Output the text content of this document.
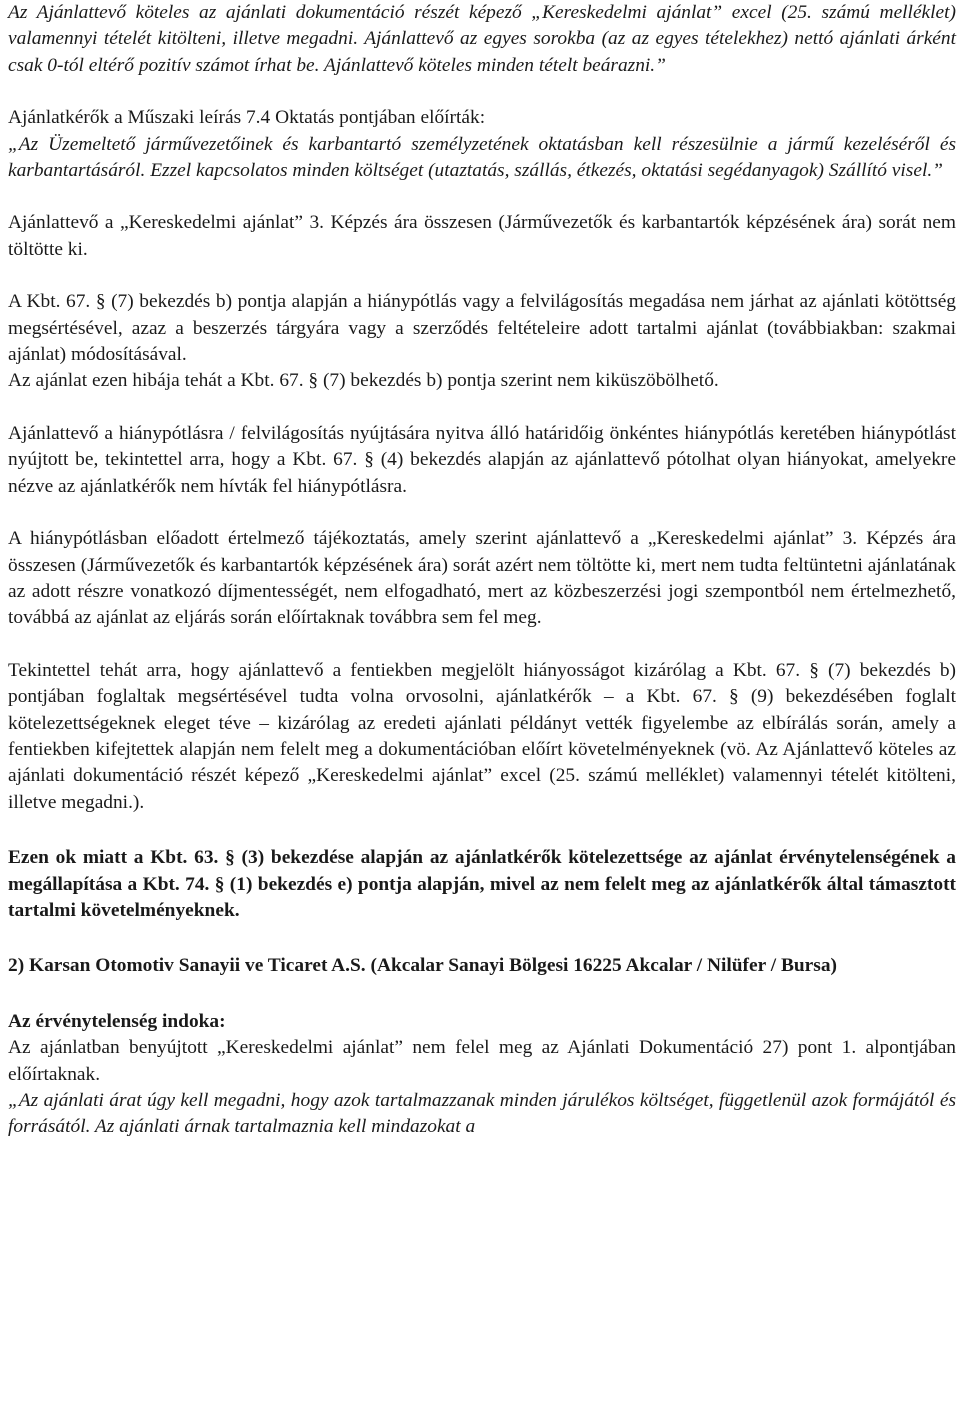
Az Ajánlattevő köteles az ajánlati dokumentáció részét képező „Kereskedelmi ajánlat” excel (25. számú melléklet) valamennyi tételét kitölteni, illetve megadni. Ajánlattevő az egyes sorokba (az az egyes tételekhez) nettó ajánlati árként csak 0-tól eltérő pozitív számot írhat be. Ajánlattevő köteles minden tételt beárazni.”

Ajánlatkérők a Műszaki leírás 7.4 Oktatás pontjában előírták:

„Az Üzemeltető járművezetőinek és karbantartó személyzetének oktatásban kell részesülnie a jármű kezeléséről és karbantartásáról. Ezzel kapcsolatos minden költséget (utaztatás, szállás, étkezés, oktatási segédanyagok) Szállító visel.”

Ajánlattevő a „Kereskedelmi ajánlat” 3. Képzés ára összesen (Járművezetők és karbantartók képzésének ára) sorát nem töltötte ki.

A Kbt. 67. § (7) bekezdés b) pontja alapján a hiánypótlás vagy a felvilágosítás megadása nem járhat az ajánlati kötöttség megsértésével, azaz a beszerzés tárgyára vagy a szerződés feltételeire adott tartalmi ajánlat (továbbiakban: szakmai ajánlat) módosításával.

Az ajánlat ezen hibája tehát a Kbt. 67. § (7) bekezdés b) pontja szerint nem kiküszöbölhető.

Ajánlattevő a hiánypótlásra / felvilágosítás nyújtására nyitva álló határidőig önkéntes hiánypótlás keretében hiánypótlást nyújtott be, tekintettel arra, hogy a Kbt. 67. § (4) bekezdés alapján az ajánlattevő pótolhat olyan hiányokat, amelyekre nézve az ajánlatkérők nem hívták fel hiánypótlásra.

A hiánypótlásban előadott értelmező tájékoztatás, amely szerint ajánlattevő a „Kereskedelmi ajánlat” 3. Képzés ára összesen (Járművezetők és karbantartók képzésének ára) sorát azért nem töltötte ki, mert nem tudta feltüntetni ajánlatának az adott részre vonatkozó díjmentességét, nem elfogadható, mert az közbeszerzési jogi szempontból nem értelmezhető, továbbá az ajánlat az eljárás során előírtaknak továbbra sem fel meg.

Tekintettel tehát arra, hogy ajánlattevő a fentiekben megjelölt hiányosságot kizárólag a Kbt. 67. § (7) bekezdés b) pontjában foglaltak megsértésével tudta volna orvosolni, ajánlatkérők – a Kbt. 67. § (9) bekezdésében foglalt kötelezettségeknek eleget téve – kizárólag az eredeti ajánlati példányt vették figyelembe az elbírálás során, amely a fentiekben kifejtettek alapján nem felelt meg a dokumentációban előírt követelményeknek (vö. Az Ajánlattevő köteles az ajánlati dokumentáció részét képező „Kereskedelmi ajánlat” excel (25. számú melléklet) valamennyi tételét kitölteni, illetve megadni.).

Ezen ok miatt a Kbt. 63. § (3) bekezdése alapján az ajánlatkérők kötelezettsége az ajánlat érvénytelenségének a megállapítása a Kbt. 74. § (1) bekezdés e) pontja alapján, mivel az nem felelt meg az ajánlatkérők által támasztott tartalmi követelményeknek.

2) Karsan Otomotiv Sanayii ve Ticaret A.S. (Akcalar Sanayi Bölgesi 16225 Akcalar / Nilüfer / Bursa)

Az érvénytelenség indoka:

Az ajánlatban benyújtott „Kereskedelmi ajánlat” nem felel meg az Ajánlati Dokumentáció 27) pont 1. alpontjában előírtaknak.

„Az ajánlati árat úgy kell megadni, hogy azok tartalmazzanak minden járulékos költséget, függetlenül azok formájától és forrásától. Az ajánlati árnak tartalmaznia kell mindazokat a
